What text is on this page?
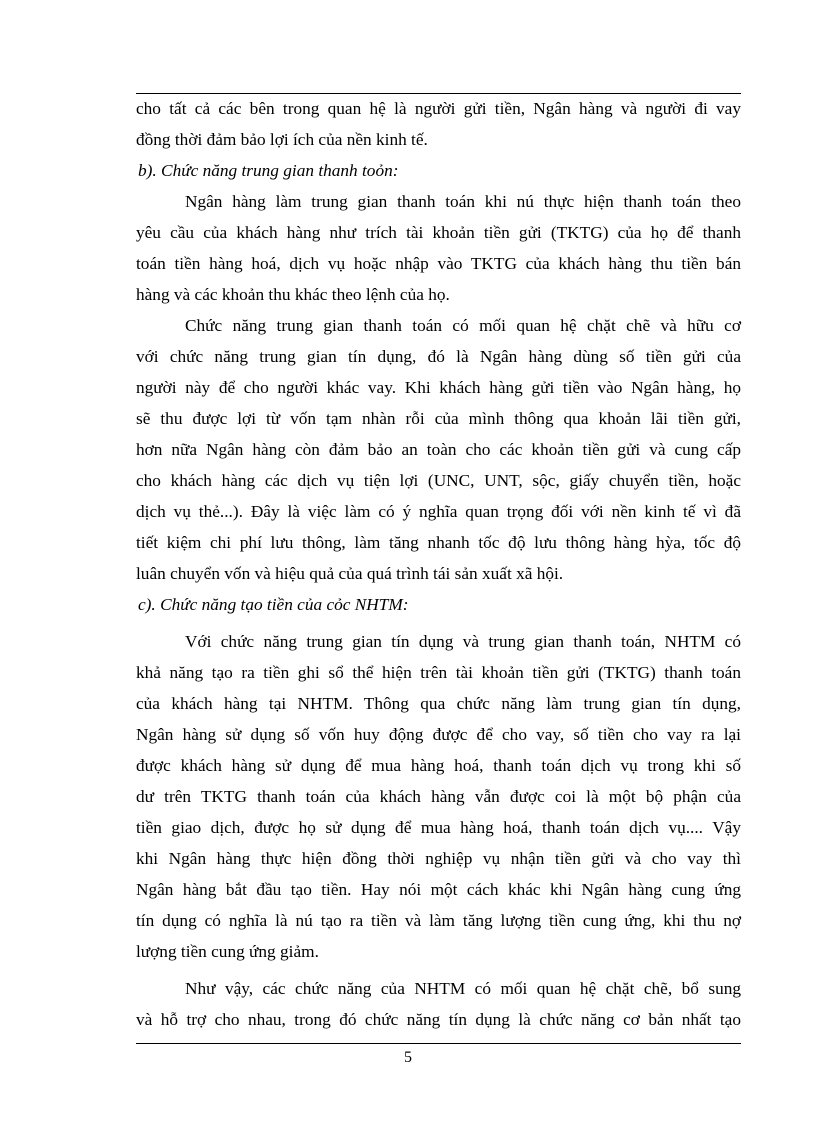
cho tất cả các bên trong quan hệ là người gửi tiền, Ngân hàng và người đi vay
đồng thời đảm bảo lợi ích của nền kinh tế.
b). Chức năng trung gian thanh toỏn:
Ngân hàng làm trung gian thanh toán khi nú thực hiện thanh toán theo
yêu cầu của khách hàng như trích tài khoản tiền gửi (TKTG) của họ để thanh
toán tiền hàng hoá, dịch vụ hoặc nhập vào TKTG của khách hàng thu tiền bán
hàng và các khoản thu khác theo lệnh của họ.
Chức năng trung gian thanh toán có mối quan hệ chặt chẽ và hữu cơ
với chức năng trung gian tín dụng, đó là Ngân hàng dùng số tiền gửi của
người này để cho người khác vay. Khi khách hàng gửi tiền vào Ngân hàng, họ
sẽ thu được lợi từ vốn tạm nhàn rỗi của mình thông qua khoản lãi tiền gửi,
hơn nữa Ngân hàng còn đảm bảo an toàn cho các khoản tiền gửi và cung cấp
cho khách hàng các dịch vụ tiện lợi (UNC, UNT, sộc, giấy chuyển tiền, hoặc
dịch vụ thẻ...). Đây là việc làm có ý nghĩa quan trọng đối với nền kinh tế vì đã
tiết kiệm chi phí lưu thông, làm tăng nhanh tốc độ lưu thông hàng hỳa, tốc độ
luân chuyển vốn và hiệu quả của quá trình tái sản xuất xã hội.
c). Chức năng tạo tiền của cỏc NHTM:
Với chức năng trung gian tín dụng và trung gian thanh toán, NHTM có
khả năng tạo ra tiền ghi sổ thể hiện trên tài khoản tiền gửi (TKTG) thanh toán
của khách hàng tại NHTM. Thông qua chức năng làm trung gian tín dụng,
Ngân hàng sử dụng số vốn huy động được để cho vay, số tiền cho vay ra lại
được khách hàng sử dụng để mua hàng hoá, thanh toán dịch vụ trong khi số
dư trên TKTG thanh toán của khách hàng vẫn được coi là một bộ phận của
tiền giao dịch, được họ sử dụng để mua hàng hoá, thanh toán dịch vụ.... Vậy
khi Ngân hàng thực hiện đồng thời nghiệp vụ nhận tiền gửi và cho vay thì
Ngân hàng bắt đầu tạo tiền. Hay nói một cách khác khi Ngân hàng cung ứng
tín dụng có nghĩa là nú tạo ra tiền và làm tăng lượng tiền cung ứng, khi thu nợ
lượng tiền cung ứng giảm.
Như vậy, các chức năng của NHTM có mối quan hệ chặt chẽ, bổ sung
và hỗ trợ cho nhau, trong đó chức năng tín dụng là chức năng cơ bản nhất tạo
5
